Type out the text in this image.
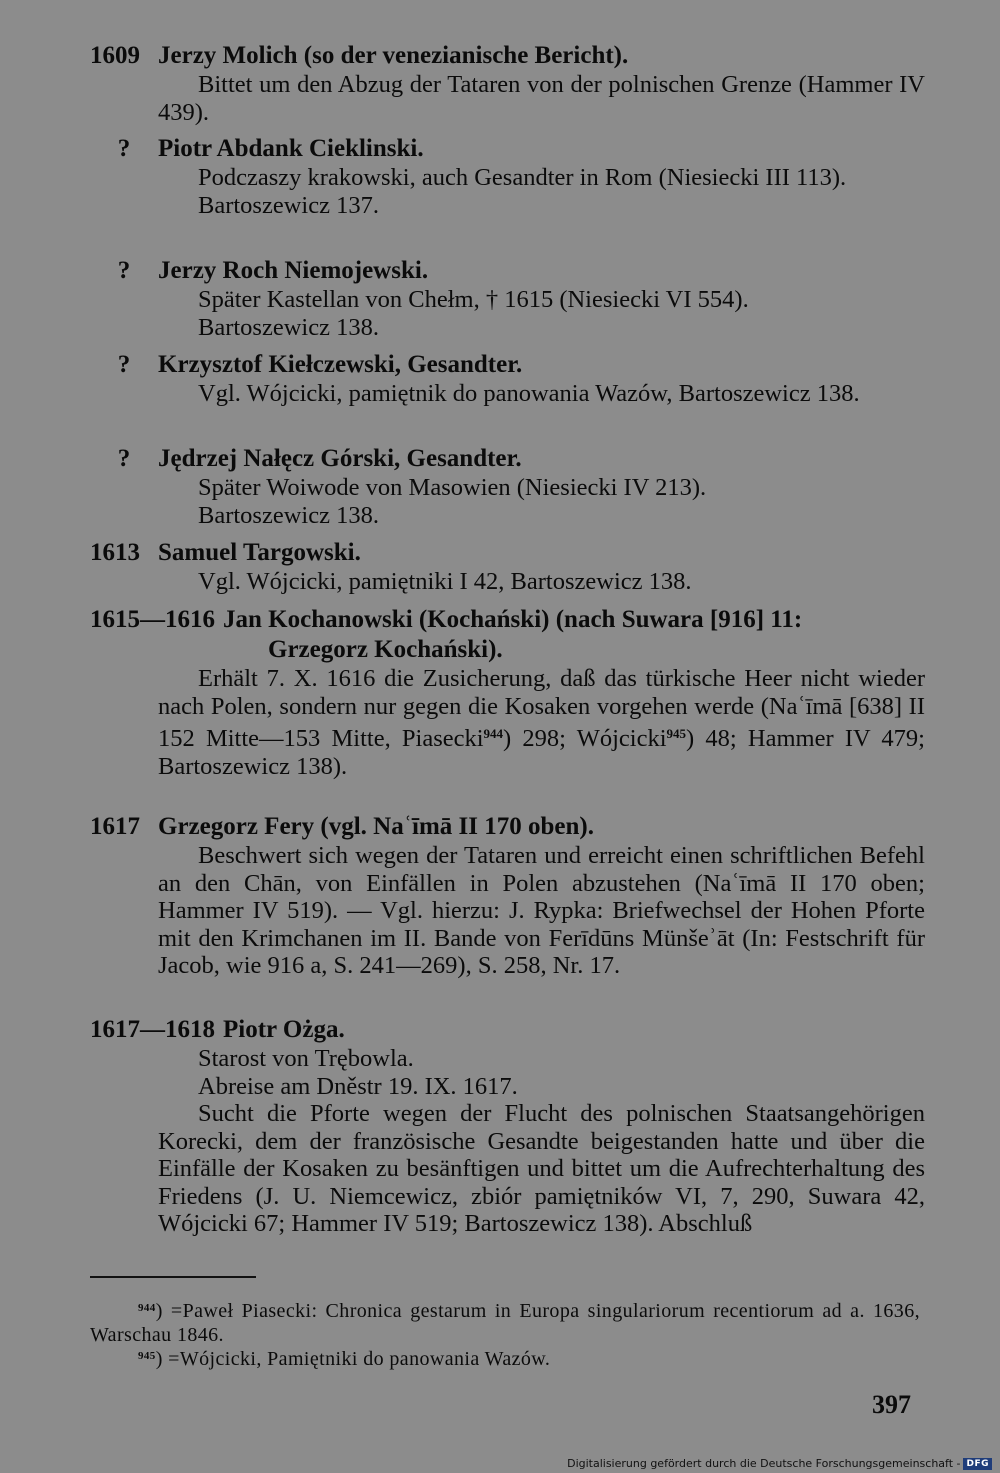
1609 Jerzy Molich (so der venezianische Bericht).

Bittet um den Abzug der Tataren von der polnischen Grenze (Hammer IV 439).

? Piotr Abdank Cieklinski.

Podczaszy krakowski, auch Gesandter in Rom (Niesiecki III 113).

Bartoszewicz 137.

? Jerzy Roch Niemojewski.

Später Kastellan von Chełm, † 1615 (Niesiecki VI 554).

Bartoszewicz 138.

? Krzysztof Kiełczewski, Gesandter.

Vgl. Wójcicki, pamiętnik do panowania Wazów, Bartoszewicz 138.

? Jędrzej Nałęcz Górski, Gesandter.

Später Woiwode von Masowien (Niesiecki IV 213).

Bartoszewicz 138.

1613 Samuel Targowski.

Vgl. Wójcicki, pamiętniki I 42, Bartoszewicz 138.

1615—1616 Jan Kochanowski (Kochański) (nach Suwara [916] 11:
Grzegorz Kochański).

Erhält 7. X. 1616 die Zusicherung, daß das türkische Heer nicht wieder nach Polen, sondern nur gegen die Kosaken vorgehen werde (Naʿīmā [638] II 152 Mitte—153 Mitte, Piasecki$^{944}$) 298; Wójcicki$^{945}$) 48; Hammer IV 479; Bartoszewicz 138).

1617 Grzegorz Fery (vgl. Naʿīmā II 170 oben).

Beschwert sich wegen der Tataren und erreicht einen schriftlichen Befehl an den Chān, von Einfällen in Polen abzustehen (Naʿīmā II 170 oben; Hammer IV 519). — Vgl. hierzu: J. Rypka: Briefwechsel der Hohen Pforte mit den Krimchanen im II. Bande von Ferīdūns Münšeʾāt (In: Festschrift für Jacob, wie 916 a, S. 241—269), S. 258, Nr. 17.

1617—1618 Piotr Ożga.

Starost von Trębowla.

Abreise am Dněstr 19. IX. 1617.

Sucht die Pforte wegen der Flucht des polnischen Staatsangehörigen Korecki, dem der französische Gesandte beigestanden hatte und über die Einfälle der Kosaken zu besänftigen und bittet um die Aufrechterhaltung des Friedens (J. U. Niemcewicz, zbiór pamiętników VI, 7, 290, Suwara 42, Wójcicki 67; Hammer IV 519; Bartoszewicz 138). Abschluß

$^{944}$) =Paweł Piasecki: Chronica gestarum in Europa singulariorum recentiorum ad a. 1636, Warschau 1846.
$^{945}$) =Wójcicki, Pamiętniki do panowania Wazów.
397
Digitalisierung gefördert durch die Deutsche Forschungsgemeinschaft - DFG
